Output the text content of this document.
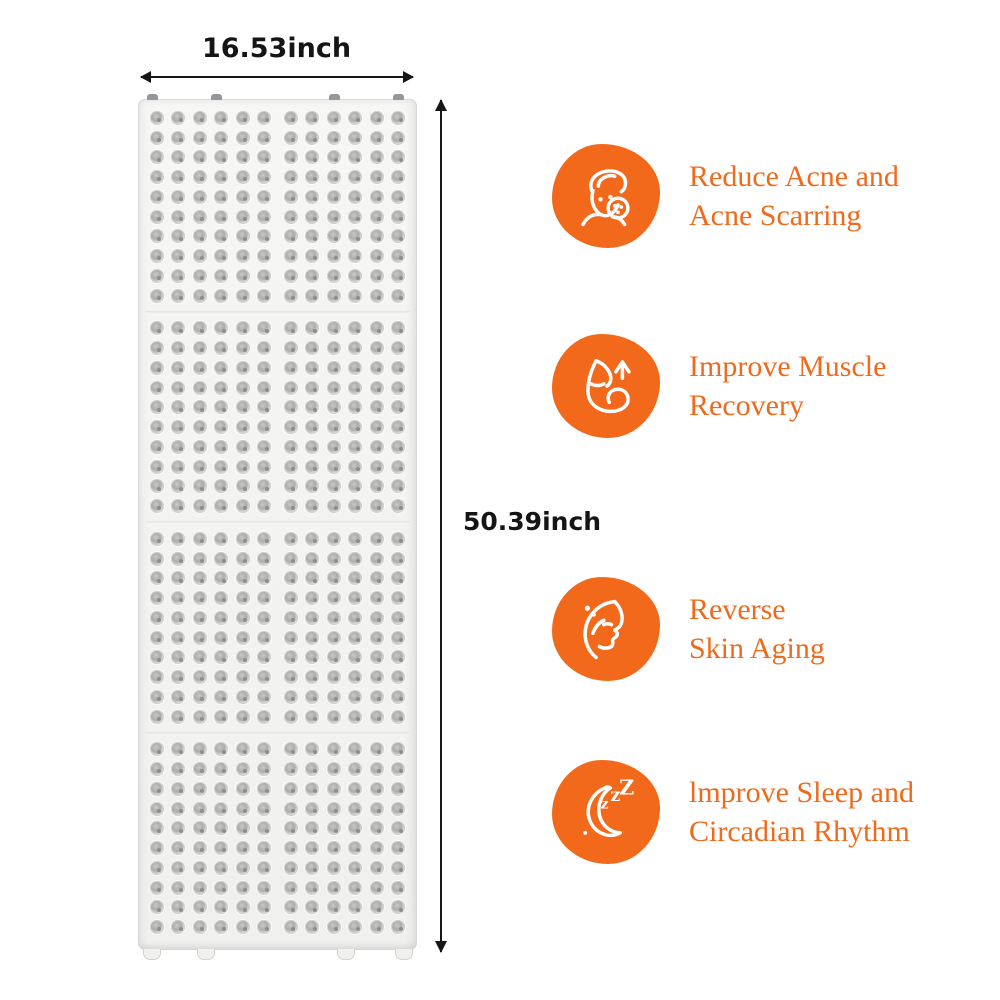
16.53inch
50.39inch
Reduce Acne and
Acne Scarring
Improve Muscle
Recovery
Reverse
Skin Aging
z z
Z lmprove Sleep and
Circadian Rhythm
